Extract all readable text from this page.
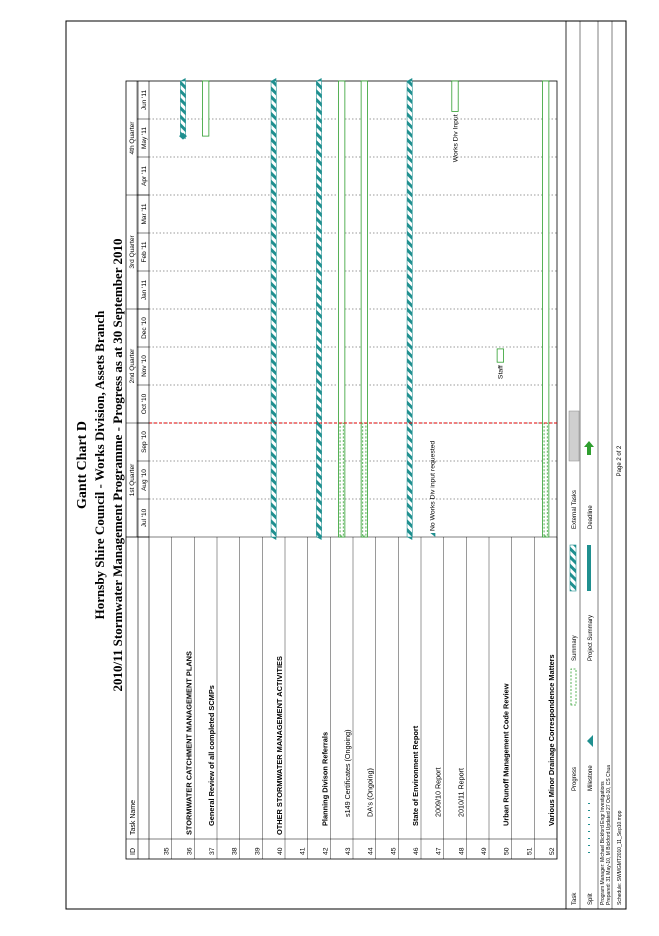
Gantt Chart D Hornsby Shire Council - Works Division, Assets Branch 2010/11 Stormwater Management Programme - Progress as at 30 September 2010
ID
Task Name
35 36
STORMWATER CATCHMENT MANAGEMENT PLANS
37
General Review of all completed SCMPs
38 39 40
OTHER STORMWATER MANAGEMENT ACTIVITIES
41 42
Planning Divison Referrals
43
s149 Certificates (Ongoing)
44
DA's (Ongoing)
45 46
State of Environment Report
47
2009/10 Report
48
2010/11 Report
49 50
Urban Runoff Management Code Review
51 52
Various Minor Drainage Correspondence Matters
1st Quarter
2nd Quarter
3rd Quarter
4th Quarter
Jul '10
Aug '10
Sep '10
Oct '10
Nov '10
Dec '10
Jan '11
Feb '11
Mar '11
Apr '11
May '11
Jun '11
No Works Div input requested
Works Div Input
Staff
Task Split
Progress Milestone
Summary Project Summary
External Tasks Deadline
Program Manager: Michael Bickford Engr Investigations Prepared: 31 May-10, M Bickford Updated 27 Oct-10, CS Chua Schedule: SWMGMT2010_11_Sep10.mpp
Page 2 of 2
